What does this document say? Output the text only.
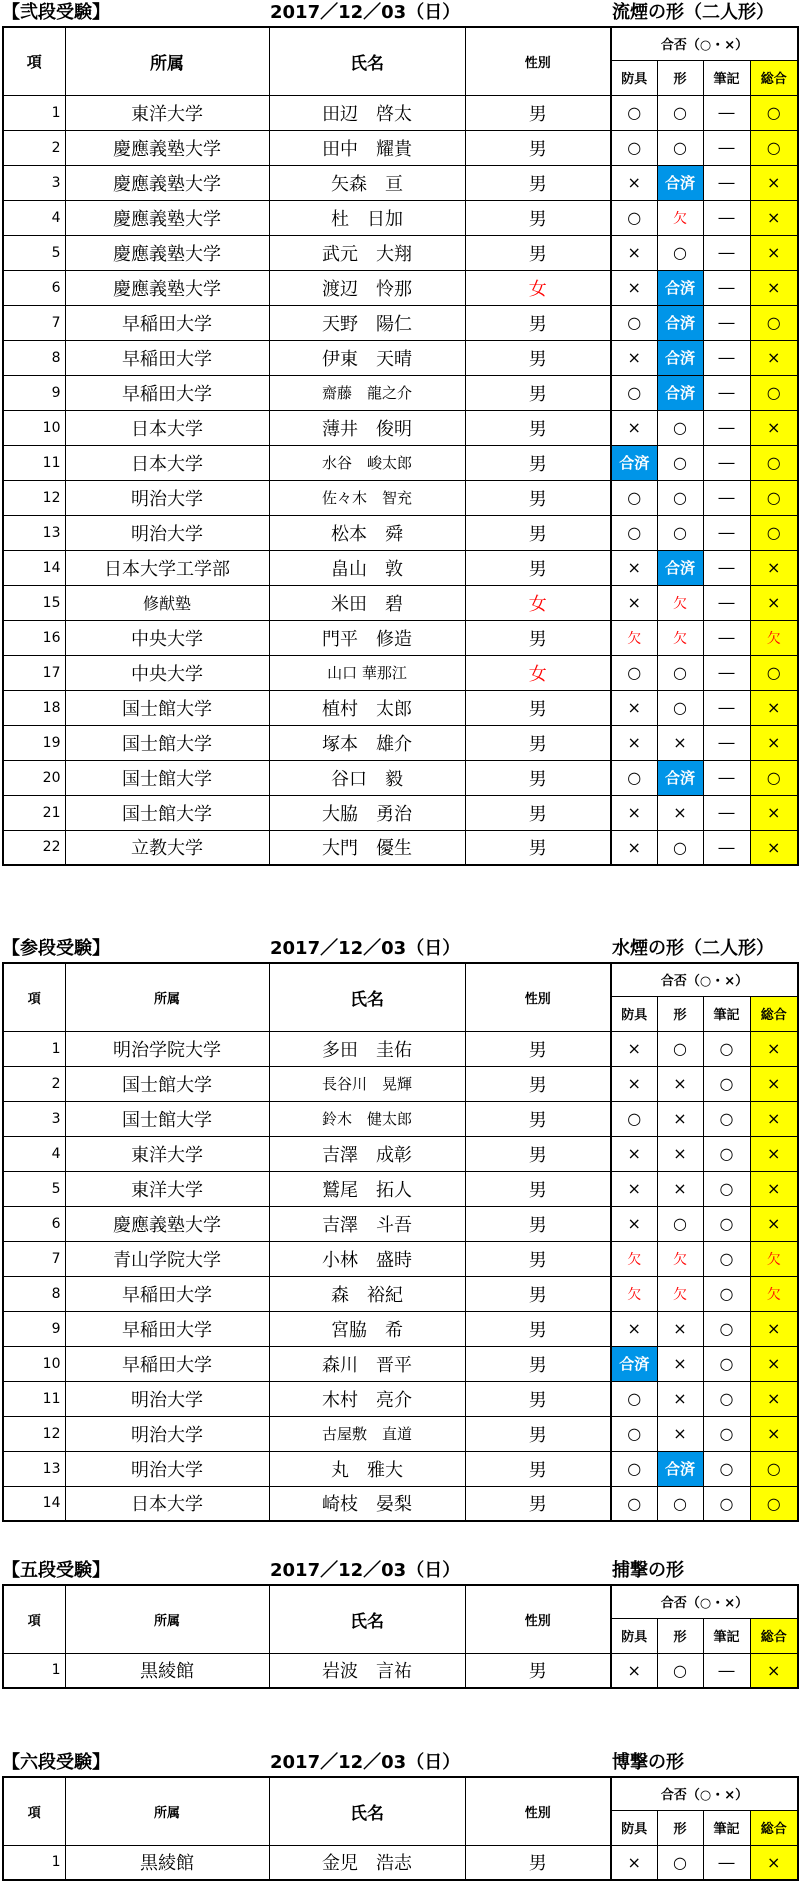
【弐段受験】	2017／12／03（日）	流煙の形（二人形）
項	所属	氏名	性別	合否（○・×）			
				防具	形	筆記	総合
1	東洋大学	田辺　啓太	男	○	○	―	○
2	慶應義塾大学	田中　耀貴	男	○	○	―	○
3	慶應義塾大学	矢森　亘	男	×	合済	―	×
4	慶應義塾大学	杜　日加	男	○	欠	―	×
5	慶應義塾大学	武元　大翔	男	×	○	―	×
6	慶應義塾大学	渡辺　怜那	女	×	合済	―	×
7	早稲田大学	天野　陽仁	男	○	合済	―	○
8	早稲田大学	伊東　天晴	男	×	合済	―	×
9	早稲田大学	齋藤　龍之介	男	○	合済	―	○
10	日本大学	薄井　俊明	男	×	○	―	×
11	日本大学	水谷　峻太郎	男	合済	○	―	○
12	明治大学	佐々木　智充	男	○	○	―	○
13	明治大学	松本　舜	男	○	○	―	○
14	日本大学工学部	畠山　敦	男	×	合済	―	×
15	修猷塾	米田　碧	女	×	欠	―	×
16	中央大学	門平　修造	男	欠	欠	―	欠
17	中央大学	山口 華那江	女	○	○	―	○
18	国士館大学	植村　太郎	男	×	○	―	×
19	国士館大学	塚本　雄介	男	×	×	―	×
20	国士館大学	谷口　毅	男	○	合済	―	○
21	国士館大学	大脇　勇治	男	×	×	―	×
22	立教大学	大門　優生	男	×	○	―	×
【参段受験】	2017／12／03（日）	水煙の形（二人形）
項	所属	氏名	性別	合否（○・×）			
				防具	形	筆記	総合
1	明治学院大学	多田　圭佑	男	×	○	○	×
2	国士館大学	長谷川　晃輝	男	×	×	○	×
3	国士館大学	鈴木　健太郎	男	○	×	○	×
4	東洋大学	吉澤　成彰	男	×	×	○	×
5	東洋大学	鷲尾　拓人	男	×	×	○	×
6	慶應義塾大学	吉澤　斗吾	男	×	○	○	×
7	青山学院大学	小林　盛時	男	欠	欠	○	欠
8	早稲田大学	森　裕紀	男	欠	欠	○	欠
9	早稲田大学	宮脇　希	男	×	×	○	×
10	早稲田大学	森川　晋平	男	合済	×	○	×
11	明治大学	木村　亮介	男	○	×	○	×
12	明治大学	古屋敷　直道	男	○	×	○	×
13	明治大学	丸　雅大	男	○	合済	○	○
14	日本大学	崎枝　晏梨	男	○	○	○	○
【五段受験】	2017／12／03（日）	捕撃の形
項	所属	氏名	性別	合否（○・×）			
				防具	形	筆記	総合
1	黒綾館	岩波　言祐	男	×	○	―	×
【六段受験】	2017／12／03（日）	博撃の形
項	所属	氏名	性別	合否（○・×）			
				防具	形	筆記	総合
1	黒綾館	金児　浩志	男	×	○	―	×
